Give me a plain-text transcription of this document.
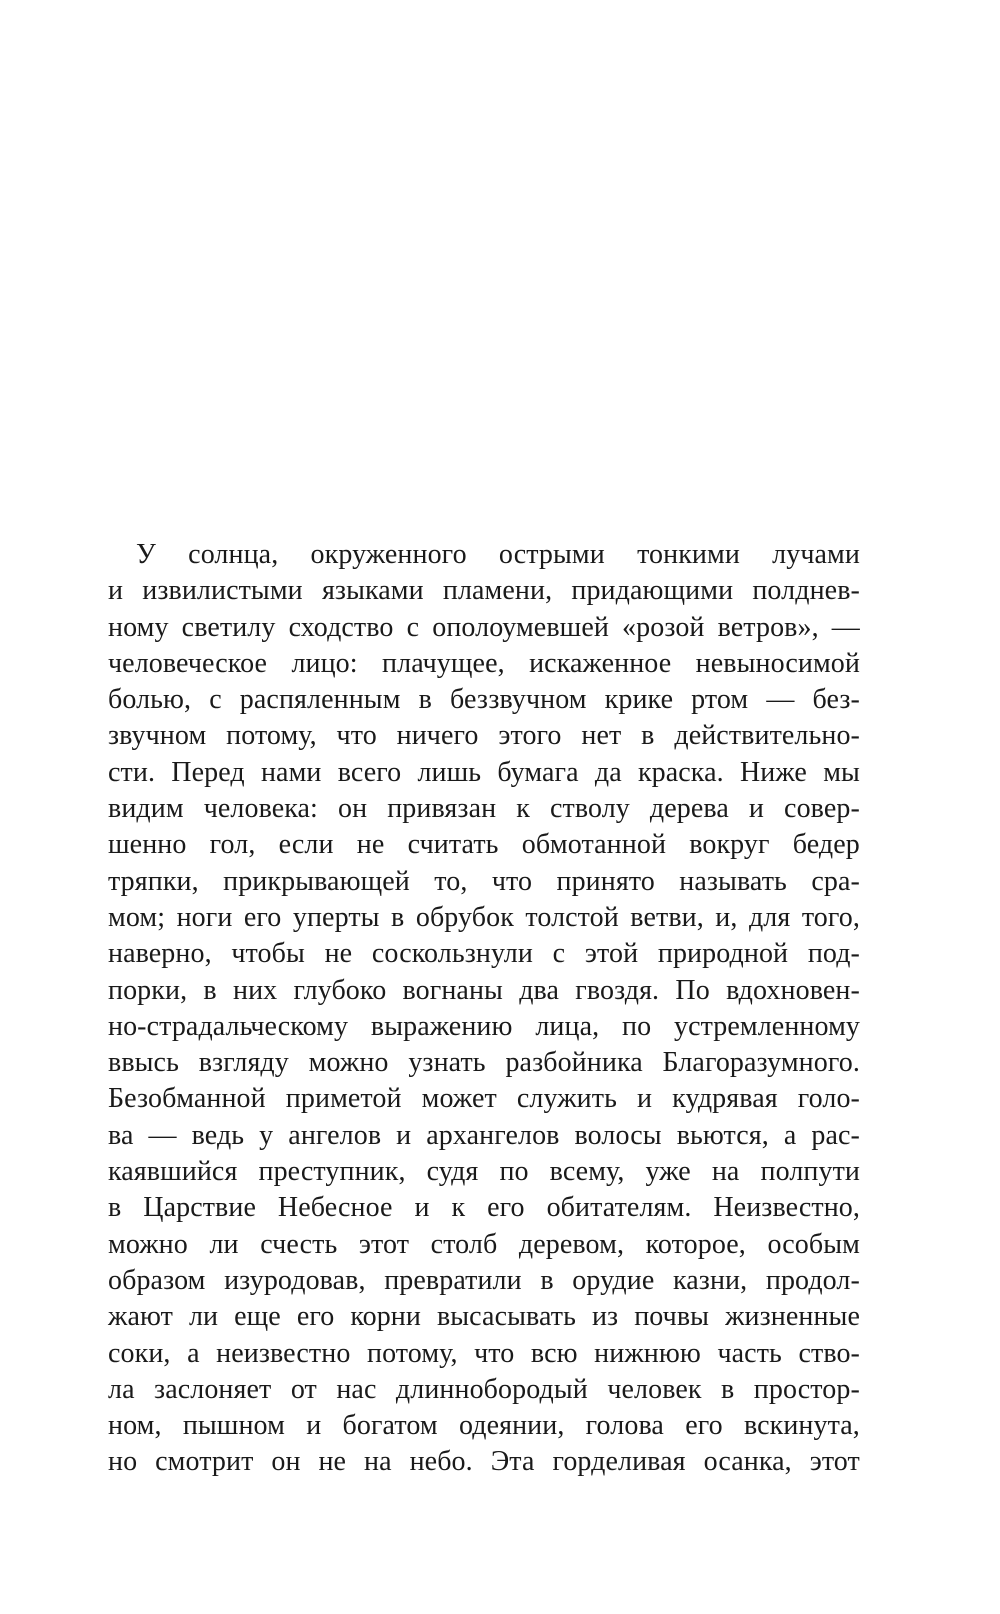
У солнца, окруженного острыми тонкими лучами
и извилистыми языками пламени, придающими полднев-
ному светилу сходство с ополоумевшей «розой ветров», —
человеческое лицо: плачущее, искаженное невыносимой
болью, с распяленным в беззвучном крике ртом — без-
звучном потому, что ничего этого нет в действительно-
сти. Перед нами всего лишь бумага да краска. Ниже мы
видим человека: он привязан к стволу дерева и совер-
шенно гол, если не считать обмотанной вокруг бедер
тряпки, прикрывающей то, что принято называть сра-
мом; ноги его уперты в обрубок толстой ветви, и, для того,
наверно, чтобы не соскользнули с этой природной под-
порки, в них глубоко вогнаны два гвоздя. По вдохновен-
но-страдальческому выражению лица, по устремленному
ввысь взгляду можно узнать разбойника Благоразумного.
Безобманной приметой может служить и кудрявая голо-
ва — ведь у ангелов и архангелов волосы вьются, а рас-
каявшийся преступник, судя по всему, уже на полпути
в Царствие Небесное и к его обитателям. Неизвестно,
можно ли счесть этот столб деревом, которое, особым
образом изуродовав, превратили в орудие казни, продол-
жают ли еще его корни высасывать из почвы жизненные
соки, а неизвестно потому, что всю нижнюю часть ство-
ла заслоняет от нас длиннобородый человек в простор-
ном, пышном и богатом одеянии, голова его вскинута,
но смотрит он не на небо. Эта горделивая осанка, этот
